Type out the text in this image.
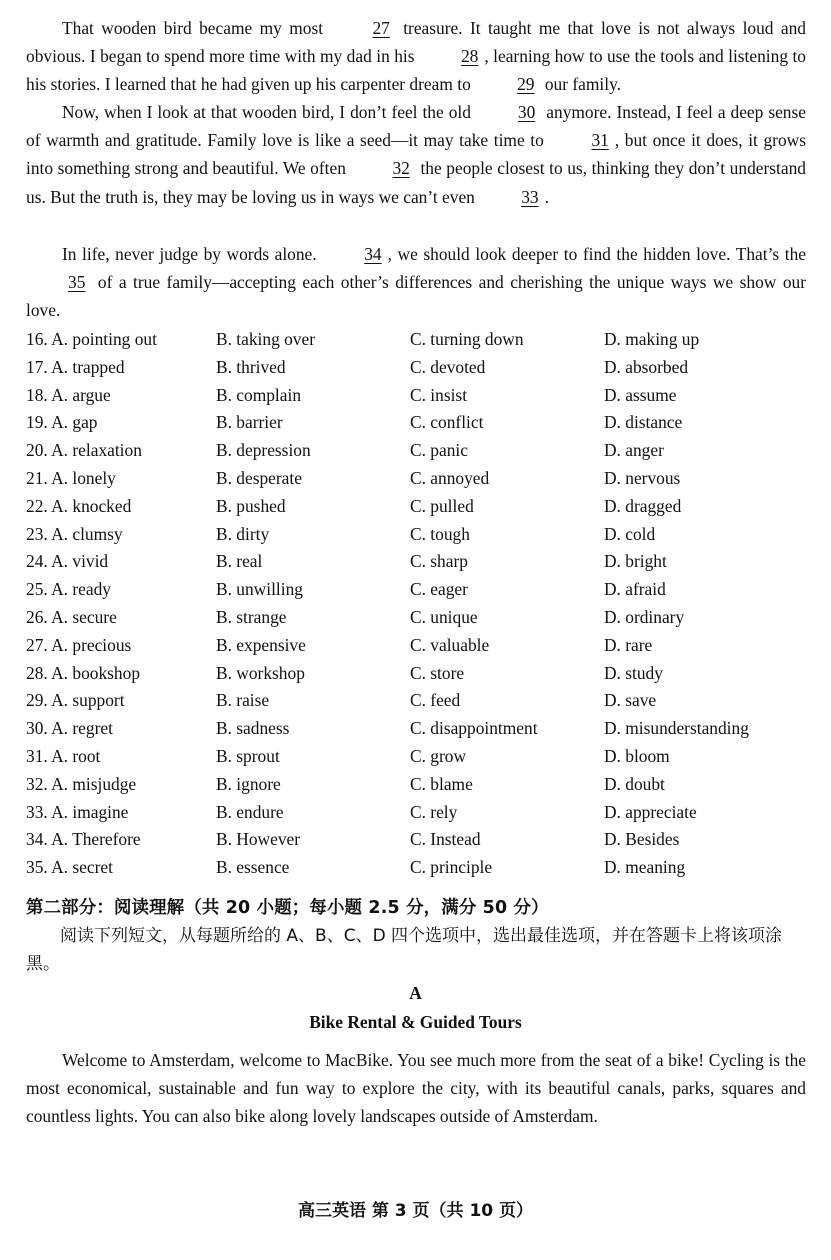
That wooden bird became my most 27 treasure. It taught me that love is not always loud and obvious. I began to spend more time with my dad in his 28 , learning how to use the tools and listening to his stories. I learned that he had given up his carpenter dream to 29 our family.

Now, when I look at that wooden bird, I don’t feel the old 30 anymore. Instead, I feel a deep sense of warmth and gratitude. Family love is like a seed—it may take time to 31 , but once it does, it grows into something strong and beautiful. We often 32 the people closest to us, thinking they don’t understand us. But the truth is, they may be loving us in ways we can’t even 33 .

In life, never judge by words alone. 34 , we should look deeper to find the hidden love. That’s the 35 of a true family—accepting each other’s differences and cherishing the unique ways we show our love.

16. A. pointing out	B. taking over	C. turning down	D. making up
17. A. trapped	B. thrived	C. devoted	D. absorbed
18. A. argue	B. complain	C. insist	D. assume
19. A. gap	B. barrier	C. conflict	D. distance
20. A. relaxation	B. depression	C. panic	D. anger
21. A. lonely	B. desperate	C. annoyed	D. nervous
22. A. knocked	B. pushed	C. pulled	D. dragged
23. A. clumsy	B. dirty	C. tough	D. cold
24. A. vivid	B. real	C. sharp	D. bright
25. A. ready	B. unwilling	C. eager	D. afraid
26. A. secure	B. strange	C. unique	D. ordinary
27. A. precious	B. expensive	C. valuable	D. rare
28. A. bookshop	B. workshop	C. store	D. study
29. A. support	B. raise	C. feed	D. save
30. A. regret	B. sadness	C. disappointment	D. misunderstanding
31. A. root	B. sprout	C. grow	D. bloom
32. A. misjudge	B. ignore	C. blame	D. doubt
33. A. imagine	B. endure	C. rely	D. appreciate
34. A. Therefore	B. However	C. Instead	D. Besides
35. A. secret	B. essence	C. principle	D. meaning
第二部分：阅读理解（共 20 小题；每小题 2.5 分，满分 50 分）
阅读下列短文，从每题所给的 A、B、C、D 四个选项中，选出最佳选项，并在答题卡上将该项涂黑。
A
Bike Rental & Guided Tours

Welcome to Amsterdam, welcome to MacBike. You see much more from the seat of a bike! Cycling is the most economical, sustainable and fun way to explore the city, with its beautiful canals, parks, squares and countless lights. You can also bike along lovely landscapes outside of Amsterdam.

高三英语 第 3 页（共 10 页）
